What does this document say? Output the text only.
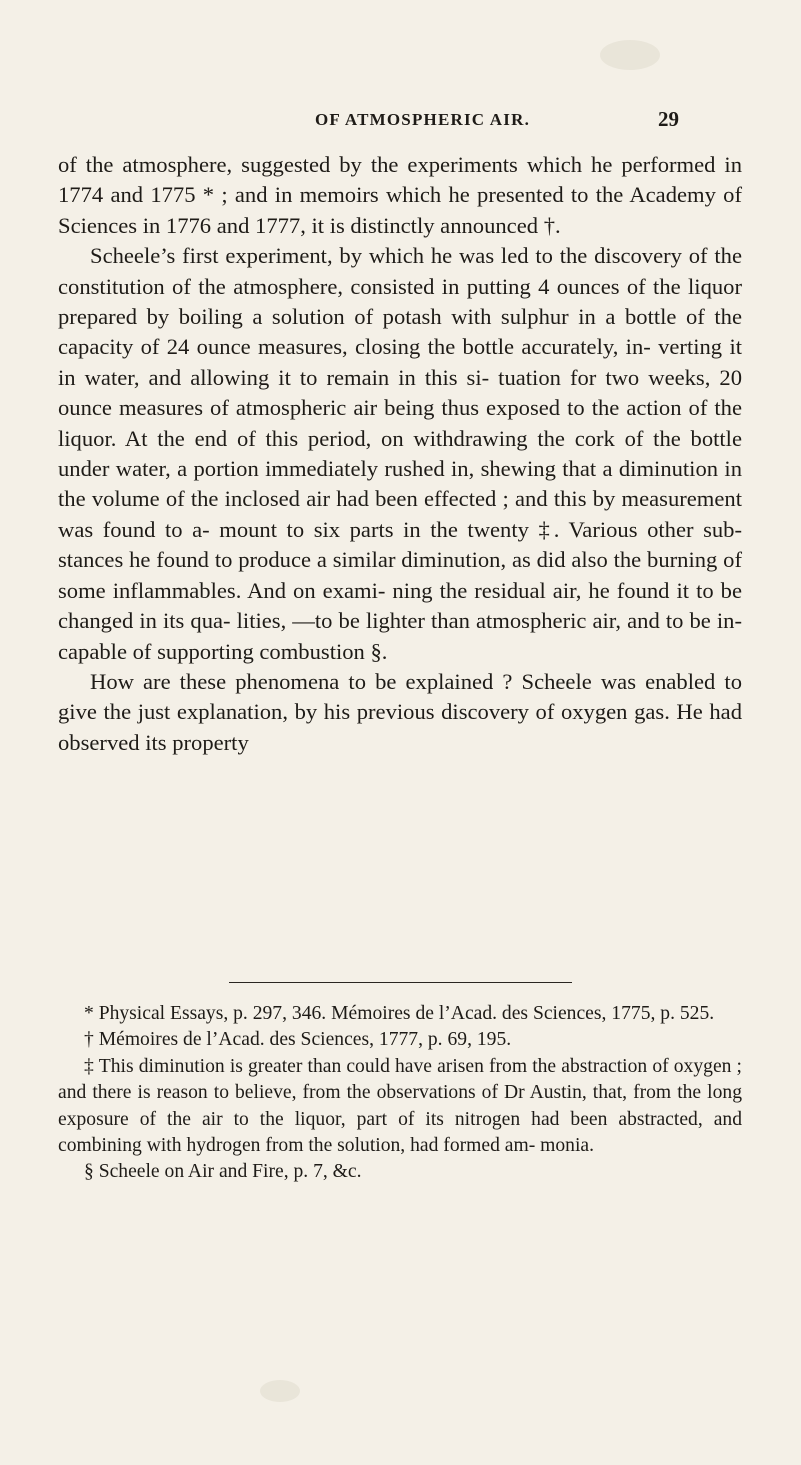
OF ATMOSPHERIC AIR.	29

of the atmosphere, suggested by the experiments which he performed in 1774 and 1775 * ; and in memoirs which he presented to the Academy of Sciences in 1776 and 1777, it is distinctly announced †.

Scheele’s first experiment, by which he was led to the discovery of the constitution of the atmosphere, consisted in putting 4 ounces of the liquor prepared by boiling a solution of potash with sulphur in a bottle of the capacity of 24 ounce measures, closing the bottle accurately, in- verting it in water, and allowing it to remain in this si- tuation for two weeks, 20 ounce measures of atmospheric air being thus exposed to the action of the liquor. At the end of this period, on withdrawing the cork of the bottle under water, a portion immediately rushed in, shewing that a diminution in the volume of the inclosed air had been effected ; and this by measurement was found to a- mount to six parts in the twenty ‡. Various other sub- stances he found to produce a similar diminution, as did also the burning of some inflammables. And on exami- ning the residual air, he found it to be changed in its qua- lities, —to be lighter than atmospheric air, and to be in- capable of supporting combustion §.

How are these phenomena to be explained ? Scheele was enabled to give the just explanation, by his previous discovery of oxygen gas. He had observed its property

* Physical Essays, p. 297, 346. Mémoires de l’Acad. des Sciences, 1775, p. 525.

† Mémoires de l’Acad. des Sciences, 1777, p. 69, 195.

‡ This diminution is greater than could have arisen from the abstraction of oxygen ; and there is reason to believe, from the observations of Dr Austin, that, from the long exposure of the air to the liquor, part of its nitrogen had been abstracted, and combining with hydrogen from the solution, had formed am- monia.

§ Scheele on Air and Fire, p. 7, &c.
